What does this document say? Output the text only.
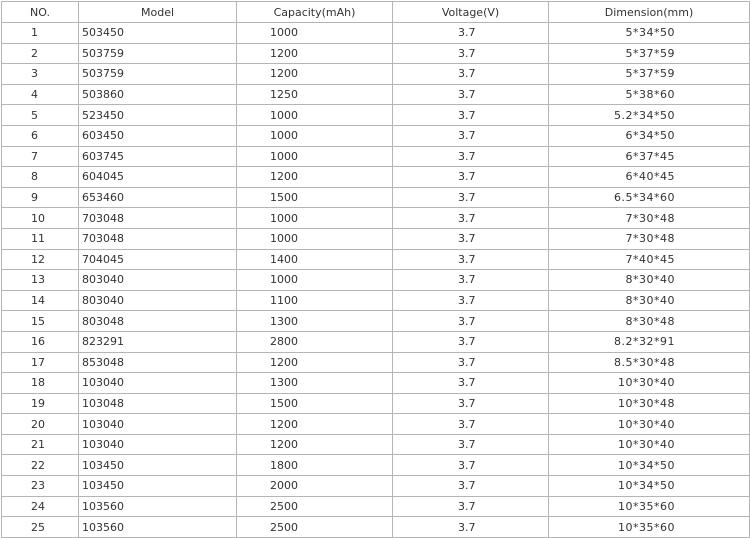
NO.	Model	Capacity(mAh)	Voltage(V)	Dimension(mm)
1	503450	1000	3.7	5*34*50
2	503759	1200	3.7	5*37*59
3	503759	1200	3.7	5*37*59
4	503860	1250	3.7	5*38*60
5	523450	1000	3.7	5.2*34*50
6	603450	1000	3.7	6*34*50
7	603745	1000	3.7	6*37*45
8	604045	1200	3.7	6*40*45
9	653460	1500	3.7	6.5*34*60
10	703048	1000	3.7	7*30*48
11	703048	1000	3.7	7*30*48
12	704045	1400	3.7	7*40*45
13	803040	1000	3.7	8*30*40
14	803040	1100	3.7	8*30*40
15	803048	1300	3.7	8*30*48
16	823291	2800	3.7	8.2*32*91
17	853048	1200	3.7	8.5*30*48
18	103040	1300	3.7	10*30*40
19	103048	1500	3.7	10*30*48
20	103040	1200	3.7	10*30*40
21	103040	1200	3.7	10*30*40
22	103450	1800	3.7	10*34*50
23	103450	2000	3.7	10*34*50
24	103560	2500	3.7	10*35*60
25	103560	2500	3.7	10*35*60
